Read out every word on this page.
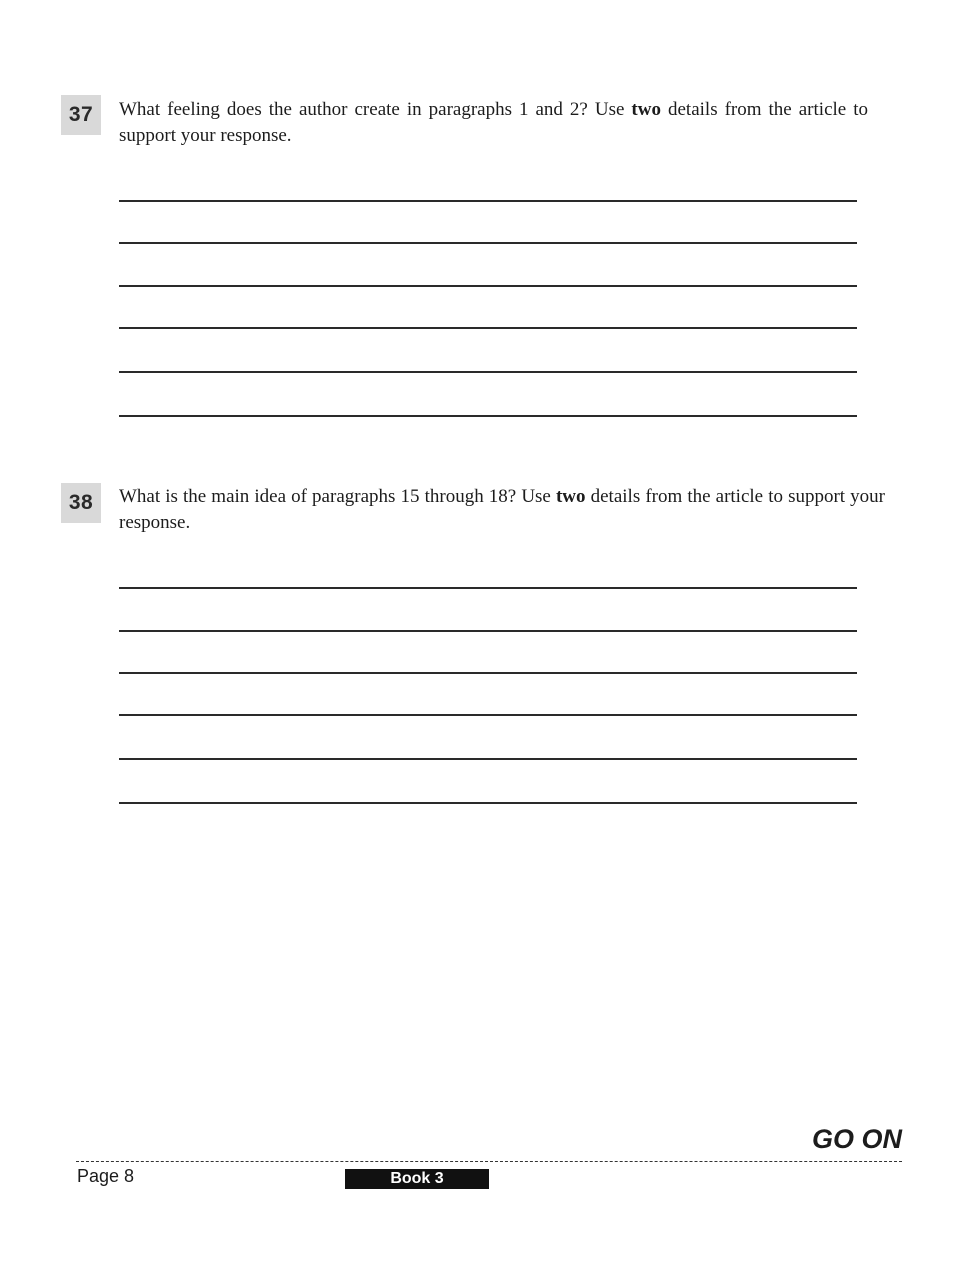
37	What feeling does the author create in paragraphs 1 and 2? Use two details from the article to support your response.
38	What is the main idea of paragraphs 15 through 18? Use two details from the article to support your response.
GO ON
Page 8	Book 3
